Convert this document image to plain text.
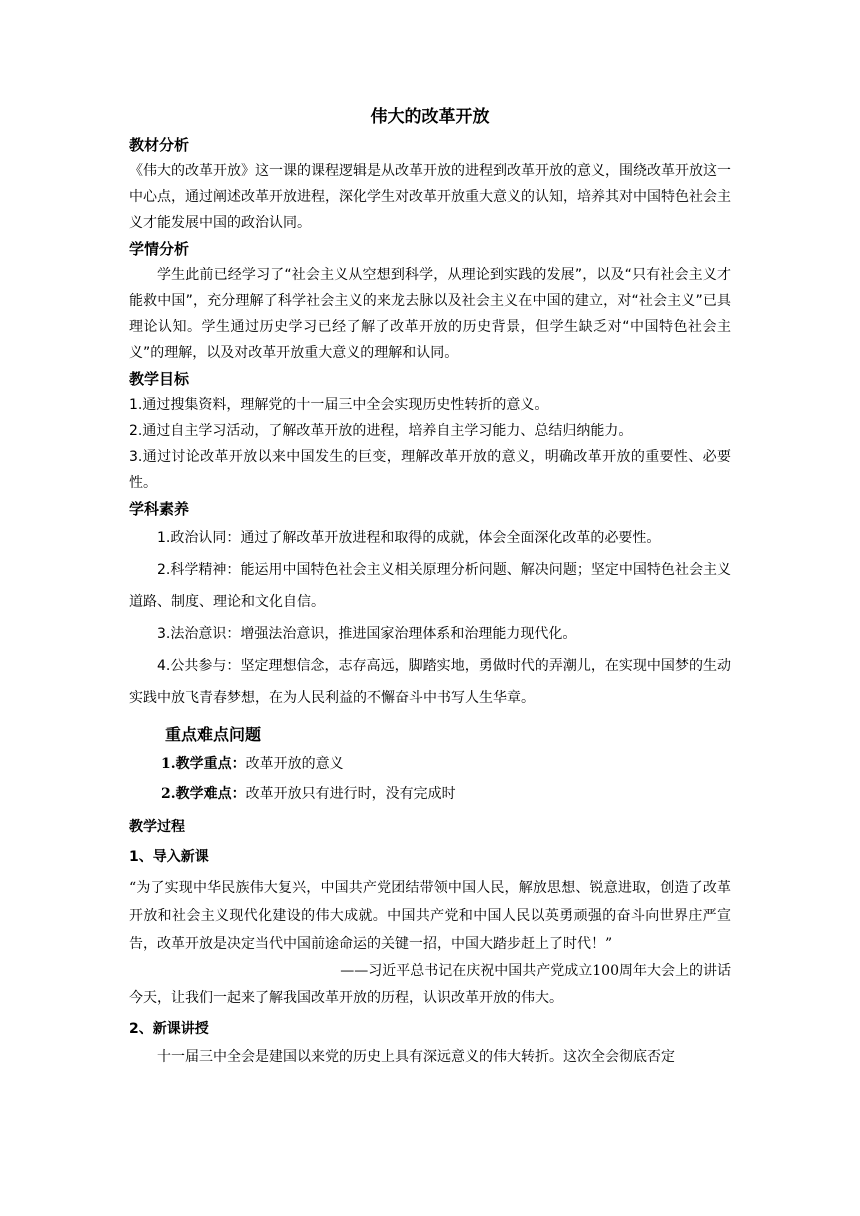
伟大的改革开放
教材分析
《伟大的改革开放》这一课的课程逻辑是从改革开放的进程到改革开放的意义，围绕改革开放这一中心点，通过阐述改革开放进程，深化学生对改革开放重大意义的认知，培养其对中国特色社会主义才能发展中国的政治认同。
学情分析
学生此前已经学习了“社会主义从空想到科学，从理论到实践的发展”，以及“只有社会主义才能救中国”，充分理解了科学社会主义的来龙去脉以及社会主义在中国的建立，对“社会主义”已具理论认知。学生通过历史学习已经了解了改革开放的历史背景，但学生缺乏对“中国特色社会主义”的理解，以及对改革开放重大意义的理解和认同。
教学目标
1.通过搜集资料，理解党的十一届三中全会实现历史性转折的意义。
2.通过自主学习活动，了解改革开放的进程，培养自主学习能力、总结归纳能力。
3.通过讨论改革开放以来中国发生的巨变，理解改革开放的意义，明确改革开放的重要性、必要性。
学科素养
1.政治认同：通过了解改革开放进程和取得的成就，体会全面深化改革的必要性。
2.科学精神：能运用中国特色社会主义相关原理分析问题、解决问题；坚定中国特色社会主义道路、制度、理论和文化自信。
3.法治意识：增强法治意识，推进国家治理体系和治理能力现代化。
4.公共参与：坚定理想信念，志存高远，脚踏实地，勇做时代的弄潮儿，在实现中国梦的生动实践中放飞青春梦想，在为人民利益的不懈奋斗中书写人生华章。
重点难点问题
1.教学重点：改革开放的意义
2.教学难点：改革开放只有进行时，没有完成时
教学过程
1、导入新课
“为了实现中华民族伟大复兴，中国共产党团结带领中国人民，解放思想、锐意进取，创造了改革开放和社会主义现代化建设的伟大成就。中国共产党和中国人民以英勇顽强的奋斗向世界庄严宣告，改革开放是决定当代中国前途命运的关键一招，中国大踏步赶上了时代！”
——习近平总书记在庆祝中国共产党成立100周年大会上的讲话
今天，让我们一起来了解我国改革开放的历程，认识改革开放的伟大。
2、新课讲授
十一届三中全会是建国以来党的历史上具有深远意义的伟大转折。这次全会彻底否定
